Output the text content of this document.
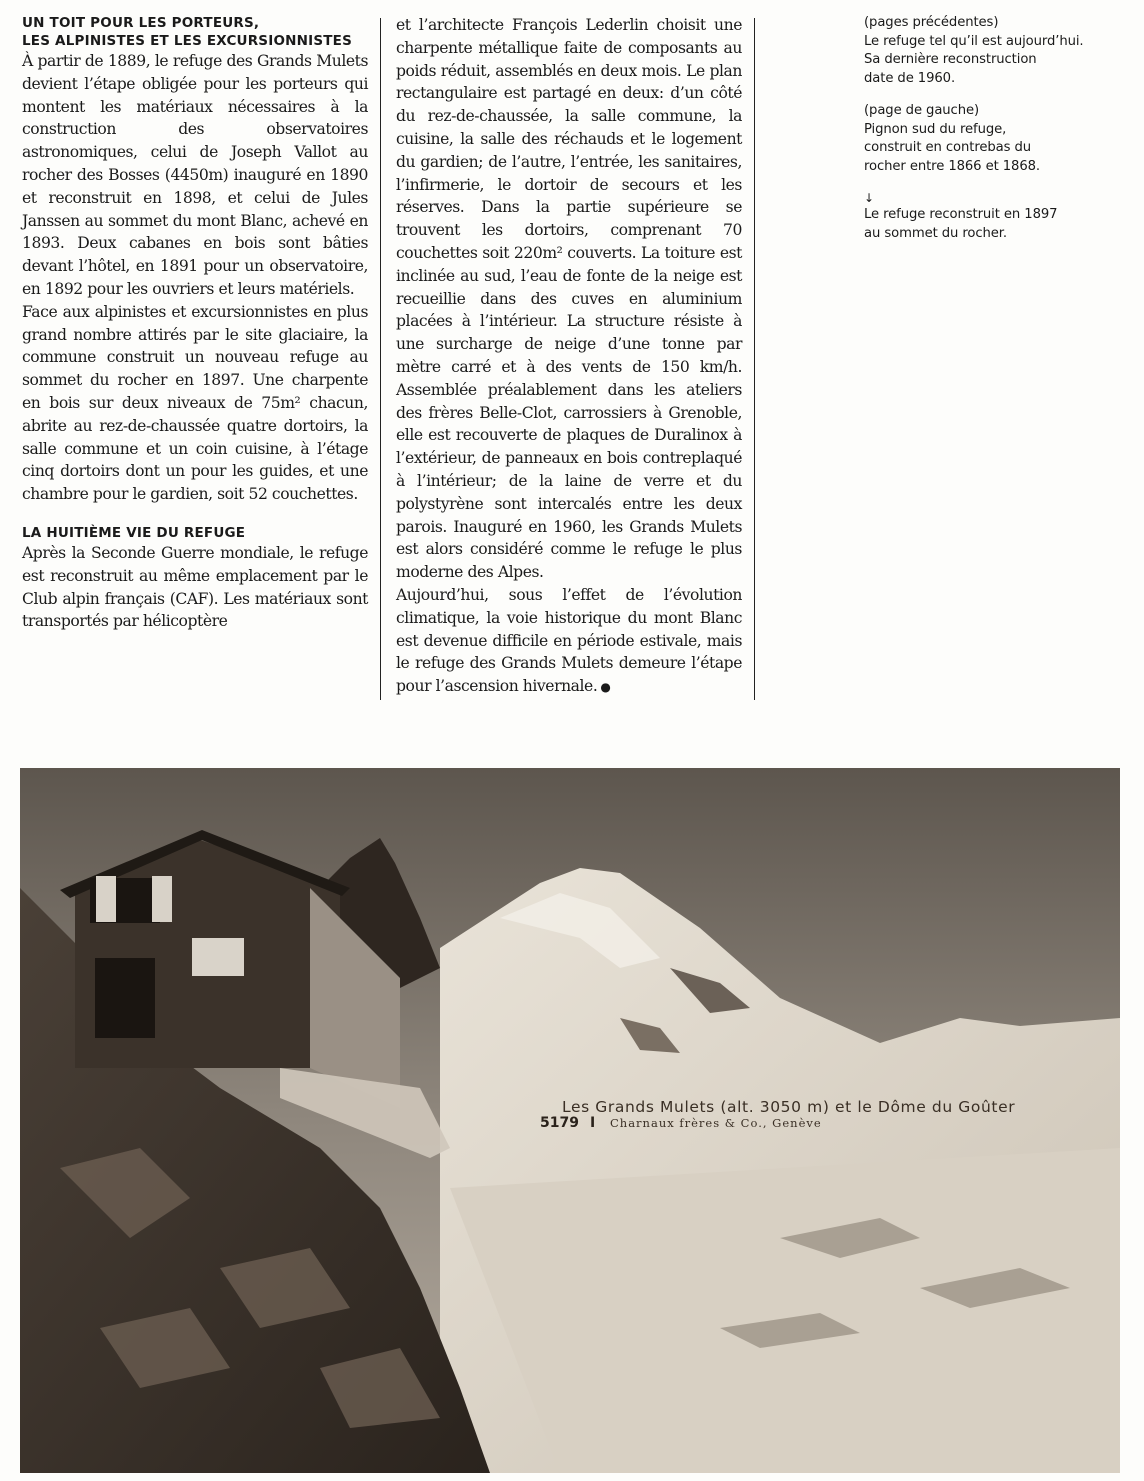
UN TOIT POUR LES PORTEURS,
LES ALPINISTES ET LES EXCURSIONNISTES

À partir de 1889, le refuge des Grands Mulets devient l’étape obligée pour les porteurs qui montent les matériaux nécessaires à la construction des observatoires astronomiques, celui de Joseph Vallot au rocher des Bosses (4450m) inauguré en 1890 et reconstruit en 1898, et celui de Jules Janssen au sommet du mont Blanc, achevé en 1893. Deux cabanes en bois sont bâties devant l’hôtel, en 1891 pour un observatoire, en 1892 pour les ouvriers et leurs matériels.

Face aux alpinistes et excursionnistes en plus grand nombre attirés par le site glaciaire, la commune construit un nouveau refuge au sommet du rocher en 1897. Une charpente en bois sur deux niveaux de 75m² chacun, abrite au rez-de-chaussée quatre dortoirs, la salle commune et un coin cuisine, à l’étage cinq dortoirs dont un pour les guides, et une chambre pour le gardien, soit 52 couchettes.

LA HUITIÈME VIE DU REFUGE

Après la Seconde Guerre mondiale, le refuge est reconstruit au même emplacement par le Club alpin français (CAF). Les matériaux sont transportés par hélicoptère

et l’architecte François Lederlin choisit une charpente métallique faite de composants au poids réduit, assemblés en deux mois. Le plan rectangulaire est partagé en deux: d’un côté du rez-de-chaussée, la salle commune, la cuisine, la salle des réchauds et le logement du gardien; de l’autre, l’entrée, les sanitaires, l’infirmerie, le dortoir de secours et les réserves. Dans la partie supérieure se trouvent les dortoirs, comprenant 70 couchettes soit 220m² couverts. La toiture est inclinée au sud, l’eau de fonte de la neige est recueillie dans des cuves en aluminium placées à l’intérieur. La structure résiste à une surcharge de neige d’une tonne par mètre carré et à des vents de 150 km/h. Assemblée préalablement dans les ateliers des frères Belle-Clot, carrossiers à Grenoble, elle est recouverte de plaques de Duralinox à l’extérieur, de panneaux en bois contreplaqué à l’intérieur; de la laine de verre et du polystyrène sont intercalés entre les deux parois. Inauguré en 1960, les Grands Mulets est alors considéré comme le refuge le plus moderne des Alpes.

Aujourd’hui, sous l’effet de l’évolution climatique, la voie historique du mont Blanc est devenue difficile en période estivale, mais le refuge des Grands Mulets demeure l’étape pour l’ascension hivernale. ●

(pages précédentes)
Le refuge tel qu’il est aujourd’hui.
Sa dernière reconstruction
date de 1960.

(page de gauche)
Pignon sud du refuge,
construit en contrebas du
rocher entre 1866 et 1868.

↓

Le refuge reconstruit en 1897
au sommet du rocher.

Les Grands Mulets (alt. 3050 m) et le Dôme du Goûter

5179 I Charnaux frères & Co., Genève
